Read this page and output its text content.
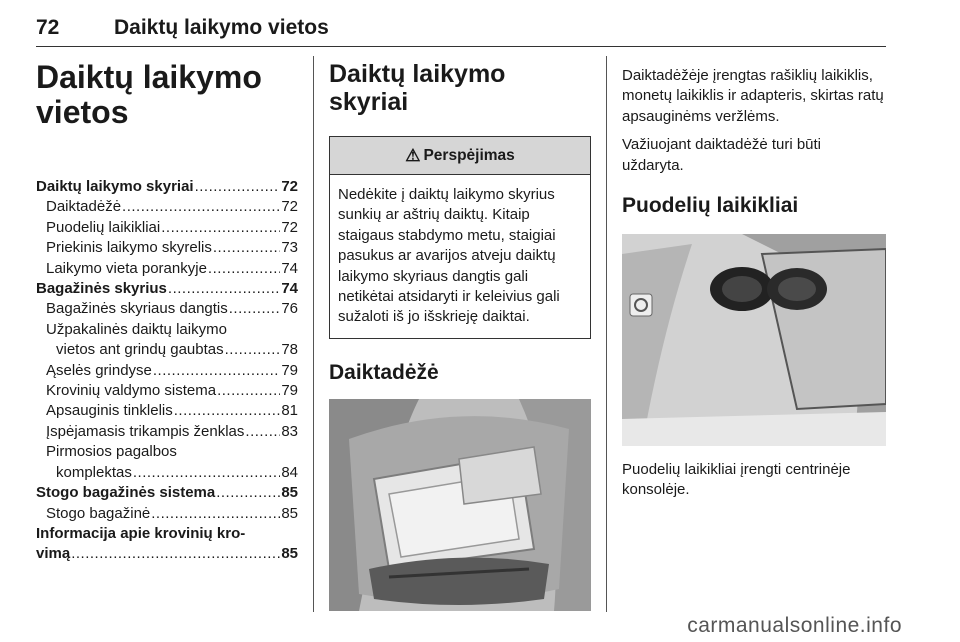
72	Daiktų laikymo vietos
Daiktų laikymo vietos
Daiktų laikymo skyriai .....	72
Daiktadėžė .....	72
Puodelių laikikliai .....	72
Priekinis laikymo skyrelis .....	73
Laikymo vieta porankyje .....	74
Bagažinės skyrius .....	74
Bagažinės skyriaus dangtis .....	76
Užpakalinės daiktų laikymo
vietos ant grindų gaubtas .....	78
Ąselės grindyse .....	79
Krovinių valdymo sistema .....	79
Apsauginis tinklelis .....	81
Įspėjamasis trikampis ženklas ..... 83
Pirmosios pagalbos
komplektas .....	84
Stogo bagažinės sistema .....	85
Stogo bagažinė .....	85
Informacija apie krovinių kro-
vimą .....	85
Daiktų laikymo skyriai
⚠ Perspėjimas
Nedėkite į daiktų laikymo skyrius sunkių ar aštrių daiktų. Kitaip staigaus stabdymo metu, staigiai pasukus ar avarijos atveju daiktų laikymo skyriaus dangtis gali netikėtai atsidaryti ir keleivius gali sužaloti iš jo išskrieję daiktai.
Daiktadėžė

Daiktadėžėje įrengtas rašiklių laikiklis, monetų laikiklis ir adapteris, skirtas ratų apsauginėms veržlėms.

Važiuojant daiktadėžė turi būti uždaryta.

Puodelių laikikliai
Puodelių laikikliai įrengti centrinėje konsolėje.
carmanualsonline.info
